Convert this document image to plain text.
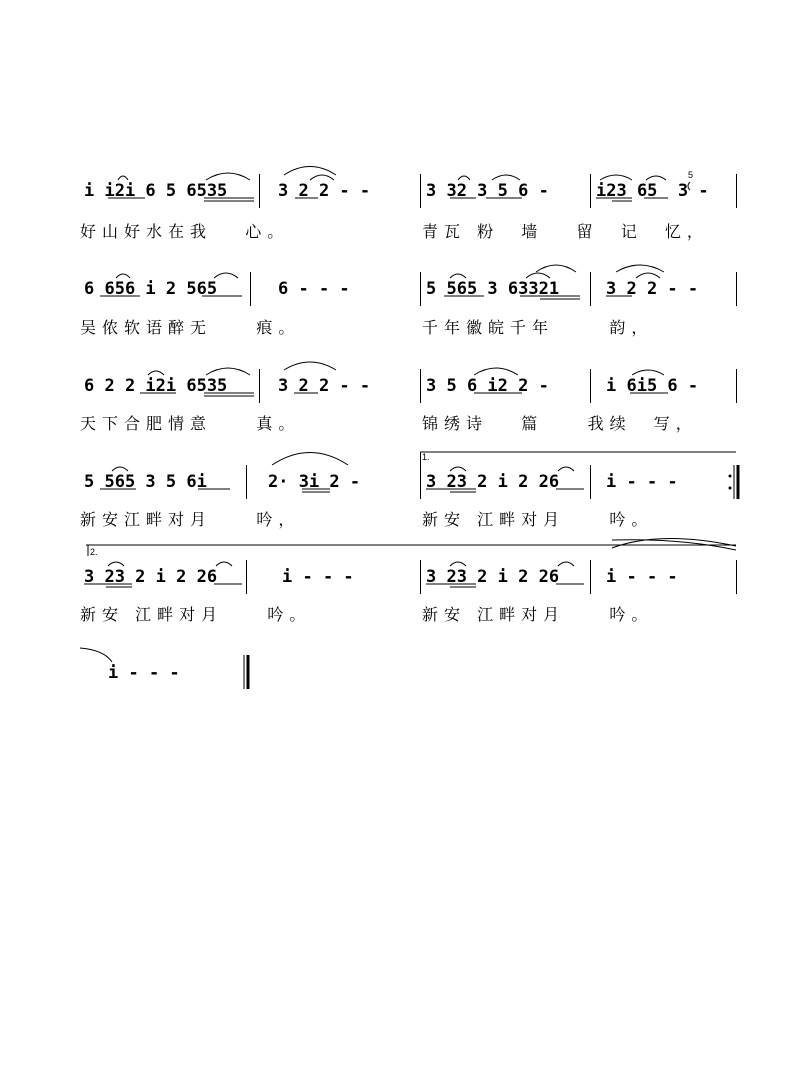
i i2i 6 5 6535	3 2 2 - -	3 32 3 5 6 -	i23 65  3 -
5
好山好水在我   心。	青瓦 粉  墙   留  记  忆，
6 656 i 2 565	6 - - -	5 565 3 63321	3 2 2 - -
吴侬软语醉无    痕。	千年徽皖千年     韵，
6 2 2 i2i 6535	3 2 2 - -	3 5 6 i2 2 -	i 6i5 6 -
天下合肥情意    真。	锦绣诗   篇    我续  写，
5 565 3 5 6i	2· 3i 2 -
1.
3 23 2 i 2 26	i - - -
新安江畔对月    吟，	新安 江畔对月    吟。
2.
3 23 2 i 2 26	i - - -	3 23 2 i 2 26	i - - -
新安 江畔对月    吟。	新安 江畔对月    吟。
i - - -
